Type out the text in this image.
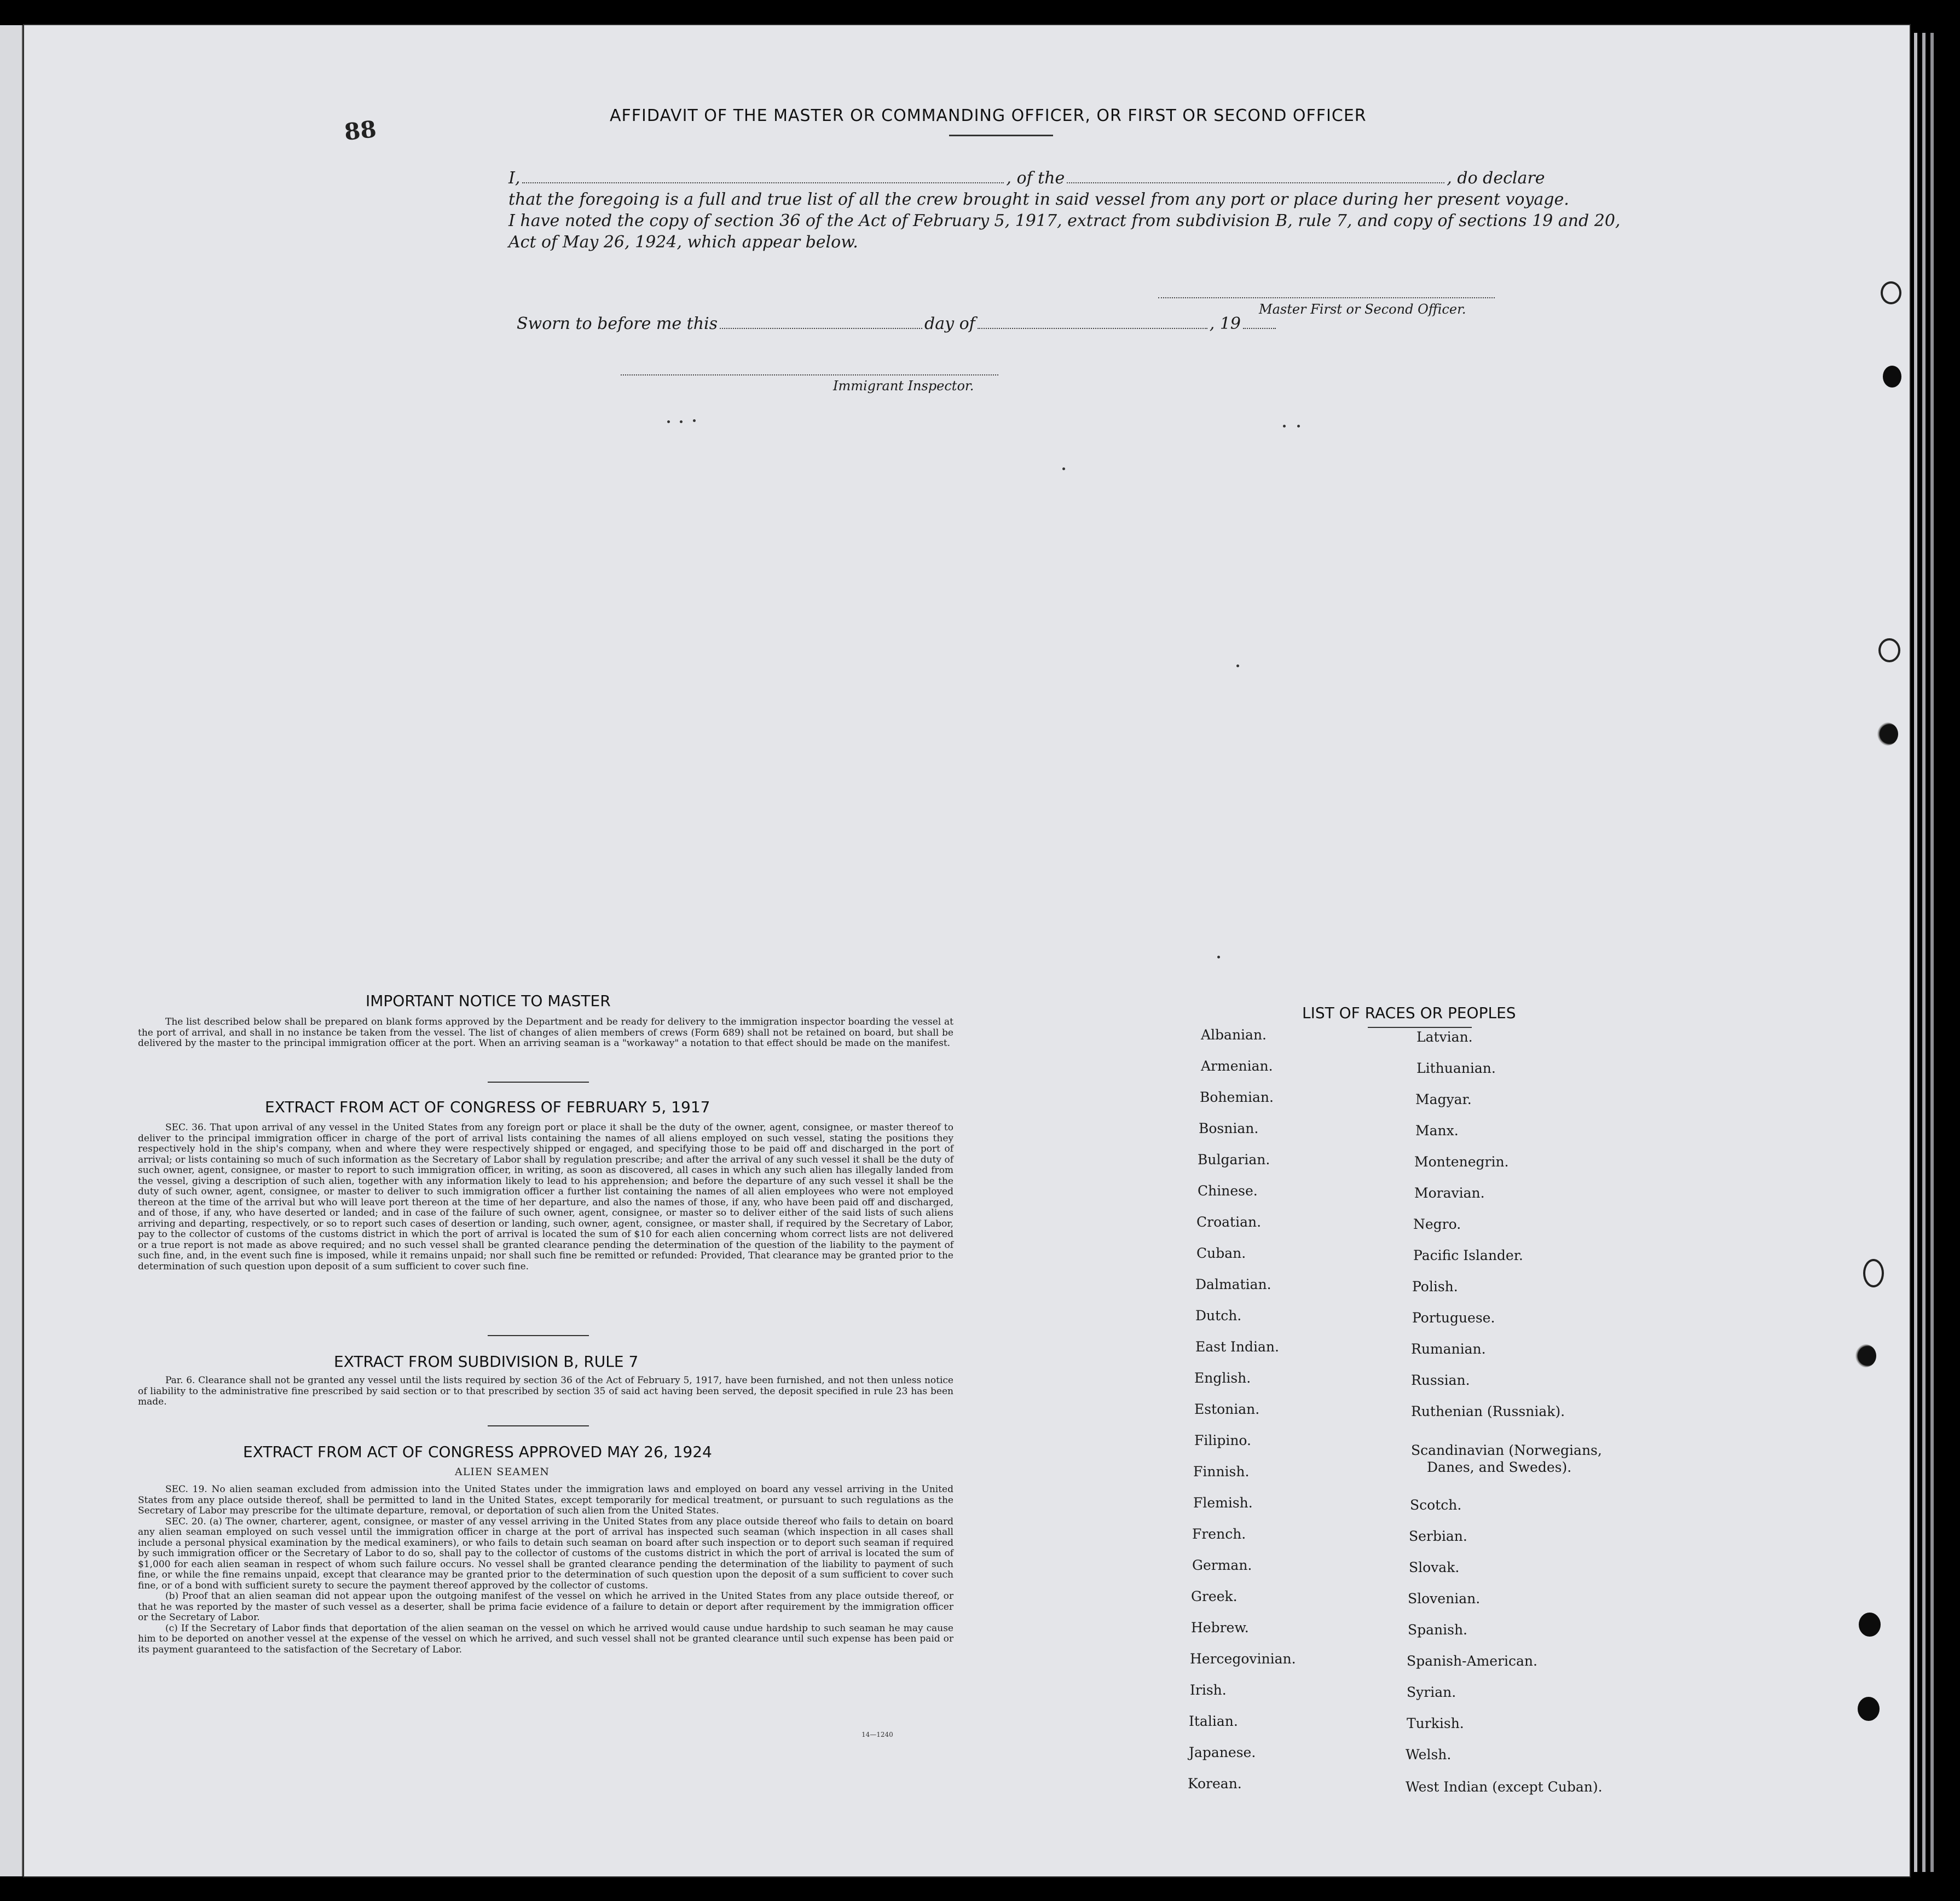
88	AFFIDAVIT OF THE MASTER OR COMMANDING OFFICER, OR FIRST OR SECOND OFFICER
I,	, of the	, do declare
that the foregoing is a full and true list of all the crew brought in said vessel from any port or place during her present voyage.
I have noted the copy of section 36 of the Act of February 5, 1917, extract from subdivision B, rule 7, and copy of sections 19 and 20,
Act of May 26, 1924, which appear below.
Master First or Second Officer.
Sworn to before me this	day of	, 19
Immigrant Inspector.
IMPORTANT NOTICE TO MASTER

The list described below shall be prepared on blank forms approved by the Department and be ready for delivery to the immigration inspector boarding the vessel at the port of arrival, and shall in no instance be taken from the vessel. The list of changes of alien members of crews (Form 689) shall not be retained on board, but shall be delivered by the master to the principal immigration officer at the port. When an arriving seaman is a "workaway" a notation to that effect should be made on the manifest.

EXTRACT FROM ACT OF CONGRESS OF FEBRUARY 5, 1917

SEC. 36. That upon arrival of any vessel in the United States from any foreign port or place it shall be the duty of the owner, agent, consignee, or master thereof to deliver to the principal immigration officer in charge of the port of arrival lists containing the names of all aliens employed on such vessel, stating the positions they respectively hold in the ship's company, when and where they were respectively shipped or engaged, and specifying those to be paid off and discharged in the port of arrival; or lists containing so much of such information as the Secretary of Labor shall by regulation prescribe; and after the arrival of any such vessel it shall be the duty of such owner, agent, consignee, or master to report to such immigration officer, in writing, as soon as discovered, all cases in which any such alien has illegally landed from the vessel, giving a description of such alien, together with any information likely to lead to his apprehension; and before the departure of any such vessel it shall be the duty of such owner, agent, consignee, or master to deliver to such immigration officer a further list containing the names of all alien employees who were not employed thereon at the time of the arrival but who will leave port thereon at the time of her departure, and also the names of those, if any, who have been paid off and discharged, and of those, if any, who have deserted or landed; and in case of the failure of such owner, agent, consignee, or master so to deliver either of the said lists of such aliens arriving and departing, respectively, or so to report such cases of desertion or landing, such owner, agent, consignee, or master shall, if required by the Secretary of Labor, pay to the collector of customs of the customs district in which the port of arrival is located the sum of $10 for each alien concerning whom correct lists are not delivered or a true report is not made as above required; and no such vessel shall be granted clearance pending the determination of the question of the liability to the payment of such fine, and, in the event such fine is imposed, while it remains unpaid; nor shall such fine be remitted or refunded: Provided, That clearance may be granted prior to the determination of such question upon deposit of a sum sufficient to cover such fine.

EXTRACT FROM SUBDIVISION B, RULE 7

Par. 6. Clearance shall not be granted any vessel until the lists required by section 36 of the Act of February 5, 1917, have been furnished, and not then unless notice of liability to the administrative fine prescribed by said section or to that prescribed by section 35 of said act having been served, the deposit specified in rule 23 has been made.

EXTRACT FROM ACT OF CONGRESS APPROVED MAY 26, 1924
ALIEN SEAMEN

SEC. 19. No alien seaman excluded from admission into the United States under the immigration laws and employed on board any vessel arriving in the United States from any place outside thereof, shall be permitted to land in the United States, except temporarily for medical treatment, or pursuant to such regulations as the Secretary of Labor may prescribe for the ultimate departure, removal, or deportation of such alien from the United States.

SEC. 20. (a) The owner, charterer, agent, consignee, or master of any vessel arriving in the United States from any place outside thereof who fails to detain on board any alien seaman employed on such vessel until the immigration officer in charge at the port of arrival has inspected such seaman (which inspection in all cases shall include a personal physical examination by the medical examiners), or who fails to detain such seaman on board after such inspection or to deport such seaman if required by such immigration officer or the Secretary of Labor to do so, shall pay to the collector of customs of the customs district in which the port of arrival is located the sum of $1,000 for each alien seaman in respect of whom such failure occurs. No vessel shall be granted clearance pending the determination of the liability to payment of such fine, or while the fine remains unpaid, except that clearance may be granted prior to the determination of such question upon the deposit of a sum sufficient to cover such fine, or of a bond with sufficient surety to secure the payment thereof approved by the collector of customs.

(b) Proof that an alien seaman did not appear upon the outgoing manifest of the vessel on which he arrived in the United States from any place outside thereof, or that he was reported by the master of such vessel as a deserter, shall be prima facie evidence of a failure to detain or deport after requirement by the immigration officer or the Secretary of Labor.

(c) If the Secretary of Labor finds that deportation of the alien seaman on the vessel on which he arrived would cause undue hardship to such seaman he may cause him to be deported on another vessel at the expense of the vessel on which he arrived, and such vessel shall not be granted clearance until such expense has been paid or its payment guaranteed to the satisfaction of the Secretary of Labor.

14—1240
LIST OF RACES OR PEOPLES
Albanian.
Armenian.
Bohemian.
Bosnian.
Bulgarian.
Chinese.
Croatian.
Cuban.
Dalmatian.
Dutch.
East Indian.
English.
Estonian.
Filipino.
Finnish.
Flemish.
French.
German.
Greek.
Hebrew.
Hercegovinian.
Irish.
Italian.
Japanese.
Korean.
Latvian.
Lithuanian.
Magyar.
Manx.
Montenegrin.
Moravian.
Negro.
Pacific Islander.
Polish.
Portuguese.
Rumanian.
Russian.
Ruthenian (Russniak).
Scandinavian (Norwegians,
Danes, and Swedes).
Scotch.
Serbian.
Slovak.
Slovenian.
Spanish.
Spanish-American.
Syrian.
Turkish.
Welsh.
West Indian (except Cuban).
